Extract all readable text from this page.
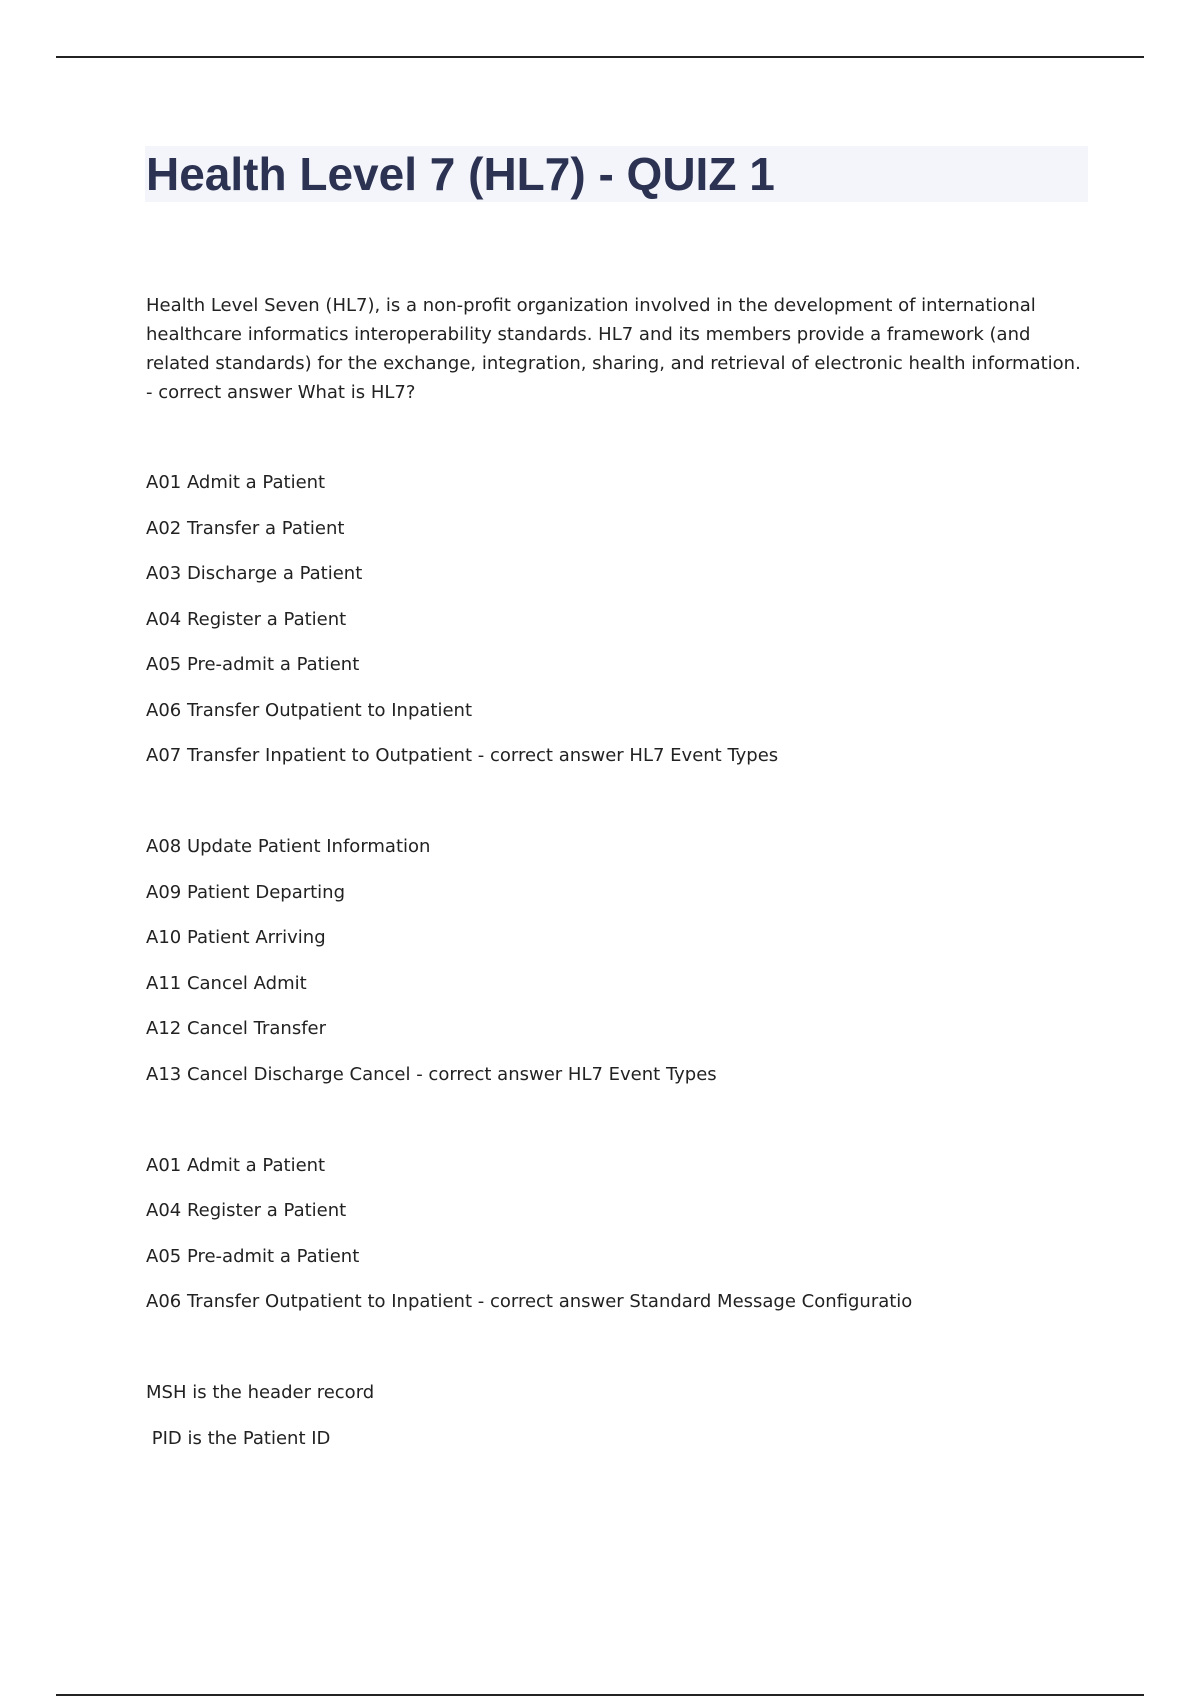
Health Level 7 (HL7) - QUIZ 1

Health Level Seven (HL7), is a non-profit organization involved in the development of international healthcare informatics interoperability standards. HL7 and its members provide a framework (and related standards) for the exchange, integration, sharing, and retrieval of electronic health information. - correct answer What is HL7?

A01 Admit a Patient

A02 Transfer a Patient

A03 Discharge a Patient

A04 Register a Patient

A05 Pre-admit a Patient

A06 Transfer Outpatient to Inpatient

A07 Transfer Inpatient to Outpatient - correct answer HL7 Event Types

A08 Update Patient Information

A09 Patient Departing

A10 Patient Arriving

A11 Cancel Admit

A12 Cancel Transfer

A13 Cancel Discharge Cancel - correct answer HL7 Event Types

A01 Admit a Patient

A04 Register a Patient

A05 Pre-admit a Patient

A06 Transfer Outpatient to Inpatient - correct answer Standard Message Configuratio

MSH is the header record

PID is the Patient ID
